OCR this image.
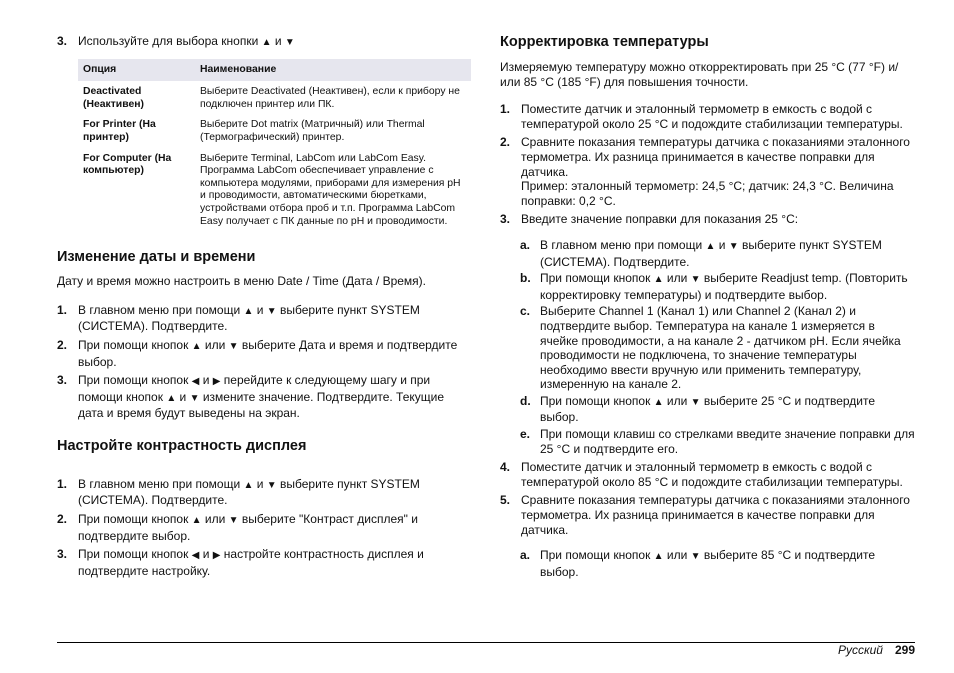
3. Используйте для выбора кнопки ▲ и ▼
Опция	Наименование
Deactivated (Неактивен)	Выберите Deactivated (Неактивен), если к прибору не подключен принтер или ПК.
For Printer (На принтер)	Выберите Dot matrix (Матричный) или Thermal (Термографический) принтер.
For Computer (На компьютер)	Выберите Terminal, LabCom или LabCom Easy. Программа LabCom обеспечивает управление с компьютера модулями, приборами для измерения pH и проводимости, автоматическими бюретками, устройствами отбора проб и т.п. Программа LabCom Easy получает с ПК данные по pH и проводимости.
Изменение даты и времени

Дату и время можно настроить в меню Date / Time (Дата / Время).

1. В главном меню при помощи ▲ и ▼ выберите пункт SYSTEM (СИСТЕМА). Подтвердите.
2. При помощи кнопок ▲ или ▼ выберите Дата и время и подтвердите выбор.
3. При помощи кнопок ◀ и ▶ перейдите к следующему шагу и при помощи кнопок ▲ и ▼ измените значение. Подтвердите. Текущие дата и время будут выведены на экран.
Настройте контрастность дисплея
1. В главном меню при помощи ▲ и ▼ выберите пункт SYSTEM (СИСТЕМА). Подтвердите.
2. При помощи кнопок ▲ или ▼ выберите "Контраст дисплея" и подтвердите выбор.
3. При помощи кнопок ◀ и ▶ настройте контрастность дисплея и подтвердите настройку.
Корректировка температуры

Измеряемую температуру можно откорректировать при 25 °C (77 °F) и/или 85 °C (185 °F) для повышения точности.

1. Поместите датчик и эталонный термометр в емкость с водой с температурой около 25 °C и подождите стабилизации температуры.
2. Сравните показания температуры датчика с показаниями эталонного термометра. Их разница принимается в качестве поправки для датчика.
Пример: эталонный термометр: 24,5 °C; датчик: 24,3 °C. Величина поправки: 0,2 °C.
3. Введите значение поправки для показания 25 °C:
a. В главном меню при помощи ▲ и ▼ выберите пункт SYSTEM (СИСТЕМА). Подтвердите.
b. При помощи кнопок ▲ или ▼ выберите Readjust temp. (Повторить корректировку температуры) и подтвердите выбор.
c. Выберите Channel 1 (Канал 1) или Channel 2 (Канал 2) и подтвердите выбор. Температура на канале 1 измеряется в ячейке проводимости, а на канале 2 - датчиком pH. Если ячейка проводимости не подключена, то значение температуры необходимо ввести вручную или применить температуру, измеренную на канале 2.
d. При помощи кнопок ▲ или ▼ выберите 25 °C и подтвердите выбор.
e. При помощи клавиш со стрелками введите значение поправки для 25 °C и подтвердите его.
4. Поместите датчик и эталонный термометр в емкость с водой с температурой около 85 °C и подождите стабилизации температуры.
5. Сравните показания температуры датчика с показаниями эталонного термометра. Их разница принимается в качестве поправки для датчика.
a. При помощи кнопок ▲ или ▼ выберите 85 °C и подтвердите выбор.
Русский 299
